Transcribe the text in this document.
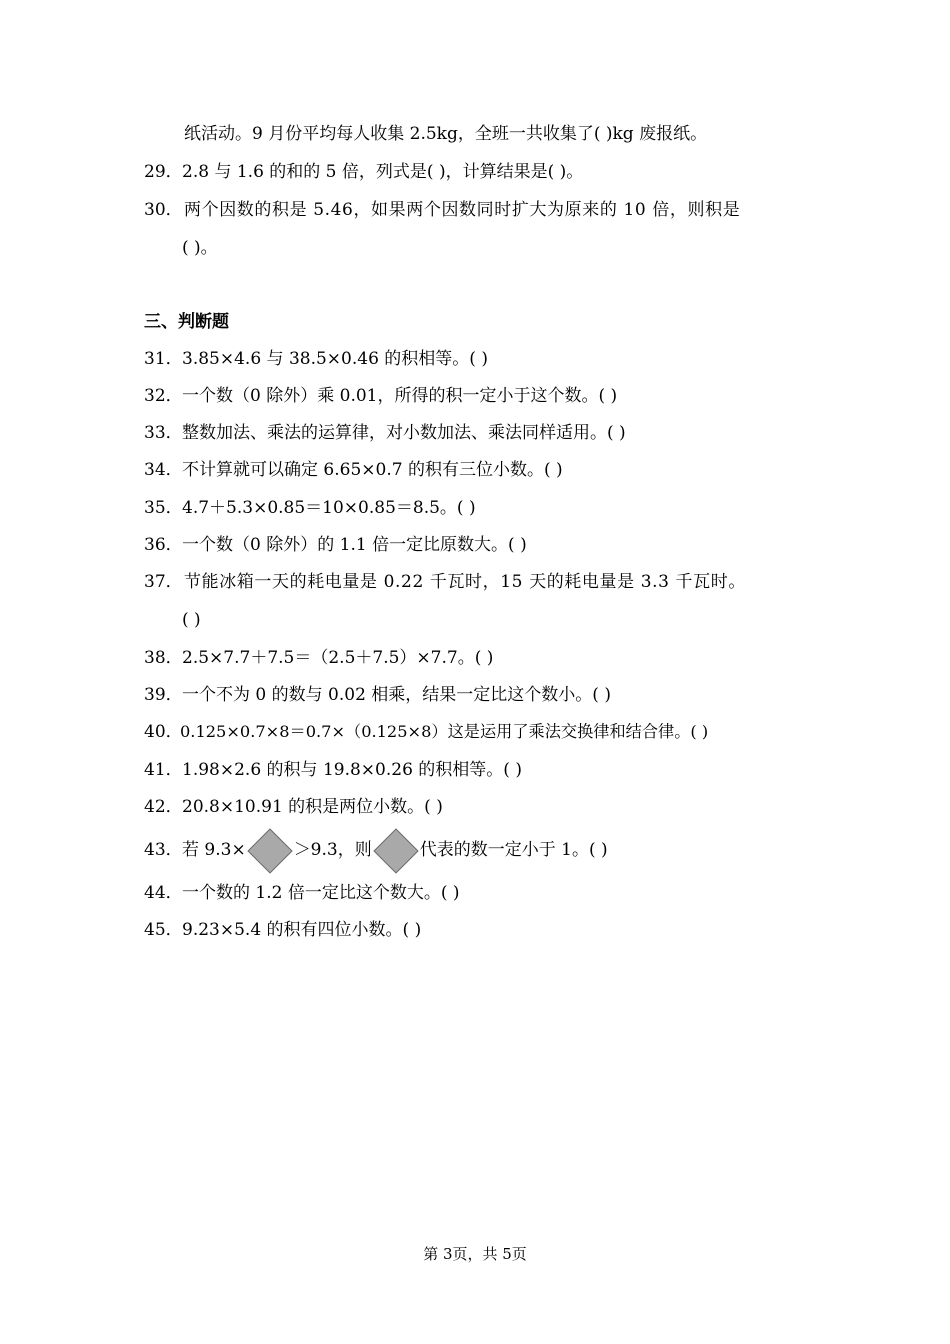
纸活动。9 月份平均每人收集 2.5kg，全班一共收集了( )kg 废报纸。
29． 2.8 与 1.6 的和的 5 倍，列式是( )，计算结果是( )。
30． 两个因数的积是 5.46，如果两个因数同时扩大为原来的 10 倍，则积是
( )。
三、判断题
31． 3.85×4.6 与 38.5×0.46 的积相等。( )
32． 一个数（0 除外）乘 0.01，所得的积一定小于这个数。( )
33． 整数加法、乘法的运算律，对小数加法、乘法同样适用。( )
34． 不计算就可以确定 6.65×0.7 的积有三位小数。( )
35． 4.7＋5.3×0.85＝10×0.85＝8.5。( )
36． 一个数（0 除外）的 1.1 倍一定比原数大。( )
37． 节能冰箱一天的耗电量是 0.22 千瓦时，15 天的耗电量是 3.3 千瓦时。
( )
38． 2.5×7.7＋7.5＝（2.5＋7.5）×7.7。( )
39． 一个不为 0 的数与 0.02 相乘，结果一定比这个数小。( )
40．
0.125×0.7×8＝0.7×（0.125×8）这是运用了乘法交换律和结合律。( )
41． 1.98×2.6 的积与 19.8×0.26 的积相等。( )
42． 20.8×10.91 的积是两位小数。( )
43． 若 9.3×	＞9.3，则	代表的数一定小于 1。( )
44． 一个数的 1.2 倍一定比这个数大。( )
45． 9.23×5.4 的积有四位小数。( )
第 3页，共 5页
